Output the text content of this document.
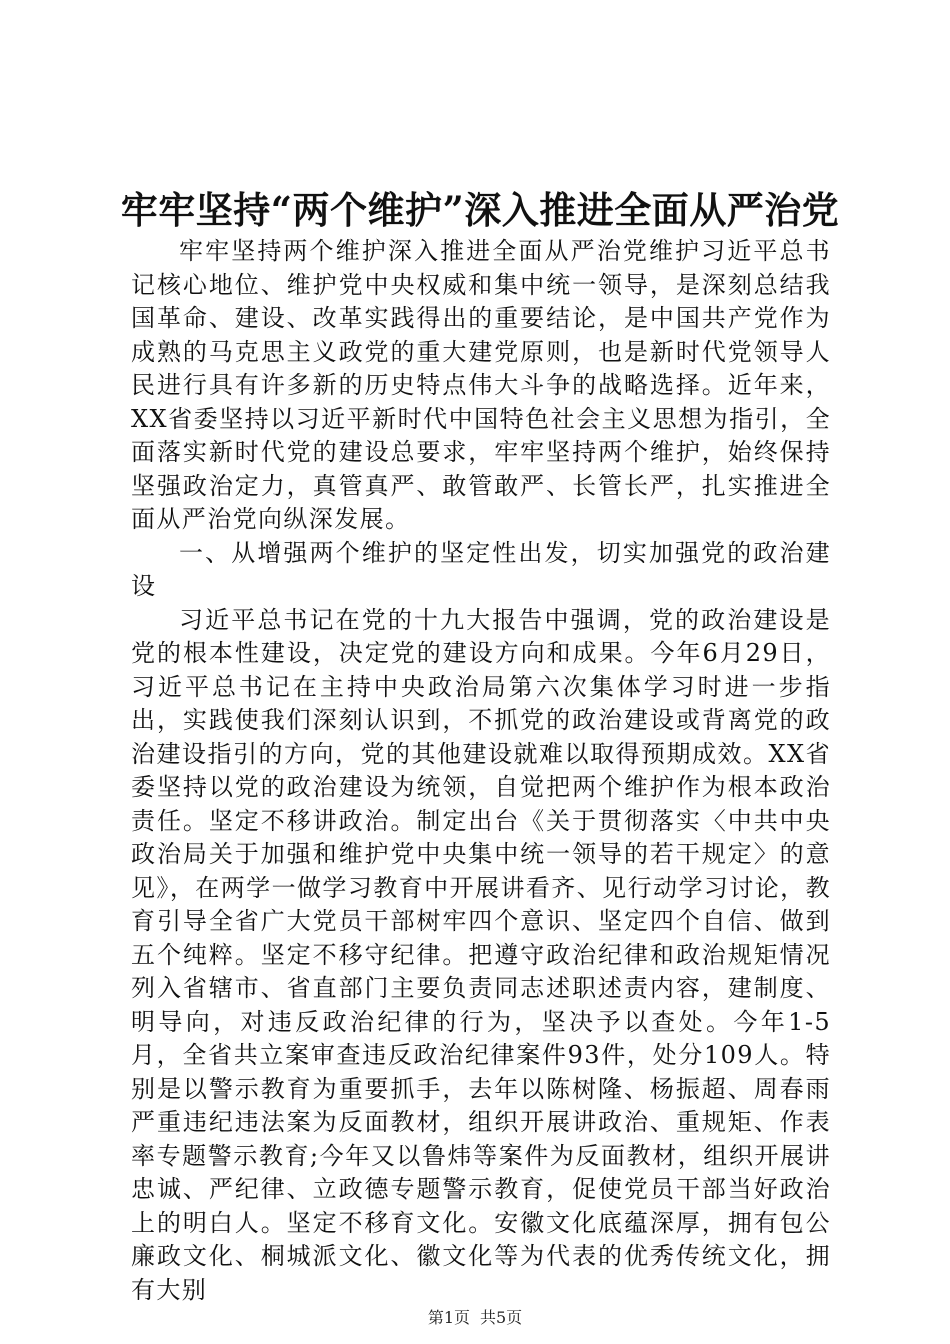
牢牢坚持“两个维护”深入推进全面从严治党

牢牢坚持两个维护深入推进全面从严治党维护习近平总书记核心地位、维护党中央权威和集中统一领导，是深刻总结我国革命、建设、改革实践得出的重要结论，是中国共产党作为成熟的马克思主义政党的重大建党原则，也是新时代党领导人民进行具有许多新的历史特点伟大斗争的战略选择。近年来，XX省委坚持以习近平新时代中国特色社会主义思想为指引，全面落实新时代党的建设总要求，牢牢坚持两个维护，始终保持坚强政治定力，真管真严、敢管敢严、长管长严，扎实推进全面从严治党向纵深发展。

一、从增强两个维护的坚定性出发，切实加强党的政治建设

习近平总书记在党的十九大报告中强调，党的政治建设是党的根本性建设，决定党的建设方向和成果。今年6月29日，习近平总书记在主持中央政治局第六次集体学习时进一步指出，实践使我们深刻认识到，不抓党的政治建设或背离党的政治建设指引的方向，党的其他建设就难以取得预期成效。XX省委坚持以党的政治建设为统领，自觉把两个维护作为根本政治责任。坚定不移讲政治。制定出台《关于贯彻落实〈中共中央政治局关于加强和维护党中央集中统一领导的若干规定〉的意见》，在两学一做学习教育中开展讲看齐、见行动学习讨论，教育引导全省广大党员干部树牢四个意识、坚定四个自信、做到五个纯粹。坚定不移守纪律。把遵守政治纪律和政治规矩情况列入省辖市、省直部门主要负责同志述职述责内容，建制度、明导向，对违反政治纪律的行为，坚决予以查处。今年1-5月，全省共立案审查违反政治纪律案件93件，处分109人。特别是以警示教育为重要抓手，去年以陈树隆、杨振超、周春雨严重违纪违法案为反面教材，组织开展讲政治、重规矩、作表率专题警示教育;今年又以鲁炜等案件为反面教材，组织开展讲忠诚、严纪律、立政德专题警示教育，促使党员干部当好政治上的明白人。坚定不移育文化。安徽文化底蕴深厚，拥有包公廉政文化、桐城派文化、徽文化等为代表的优秀传统文化，拥有大别

第1页 共5页
